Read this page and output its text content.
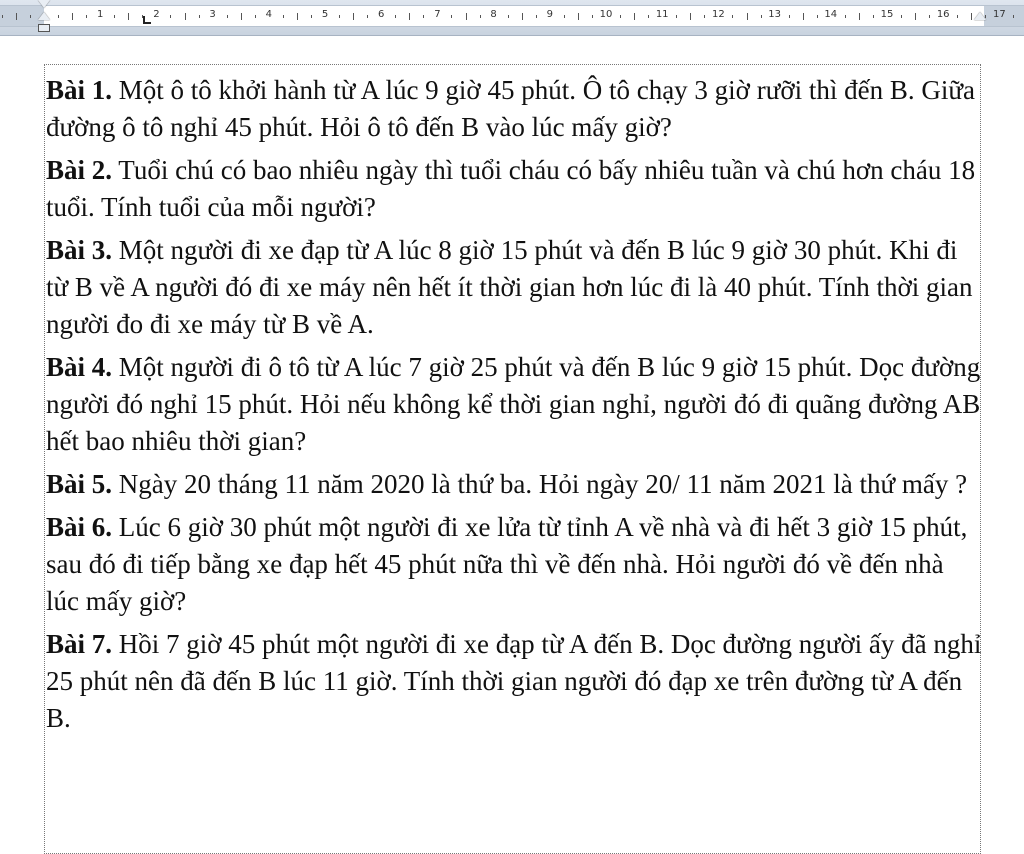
1	2	3	4	5	6	7	8	9	10	11	12	13	14	15	16	17

Bài 1. Một ô tô khởi hành từ A lúc 9 giờ 45 phút. Ô tô chạy 3 giờ rưỡi thì đến B. Giữa đường ô tô nghỉ 45 phút. Hỏi ô tô đến B vào lúc mấy giờ?

Bài 2. Tuổi chú có bao nhiêu ngày thì tuổi cháu có bấy nhiêu tuần và chú hơn cháu 18 tuổi. Tính tuổi của mỗi người?

Bài 3. Một người đi xe đạp từ A lúc 8 giờ 15 phút và đến B lúc 9 giờ 30 phút. Khi đi từ B về A người đó đi xe máy nên hết ít thời gian hơn lúc đi là 40 phút. Tính thời gian người đo đi xe máy từ B về A.

Bài 4. Một người đi ô tô từ A lúc 7 giờ 25 phút và đến B lúc 9 giờ 15 phút. Dọc đường người đó nghỉ 15 phút. Hỏi nếu không kể thời gian nghỉ, người đó đi quãng đường AB hết bao nhiêu thời gian?

Bài 5. Ngày 20 tháng 11 năm 2020 là thứ ba. Hỏi ngày 20/ 11 năm 2021 là thứ mấy ?

Bài 6. Lúc 6 giờ 30 phút một người đi xe lửa từ tỉnh A về nhà và đi hết 3 giờ 15 phút, sau đó đi tiếp bằng xe đạp hết 45 phút nữa thì về đến nhà. Hỏi người đó về đến nhà lúc mấy giờ?

Bài 7. Hồi 7 giờ 45 phút một người đi xe đạp từ A đến B. Dọc đường người ấy đã nghỉ 25 phút nên đã đến B lúc 11 giờ. Tính thời gian người đó đạp xe trên đường từ A đến B.
